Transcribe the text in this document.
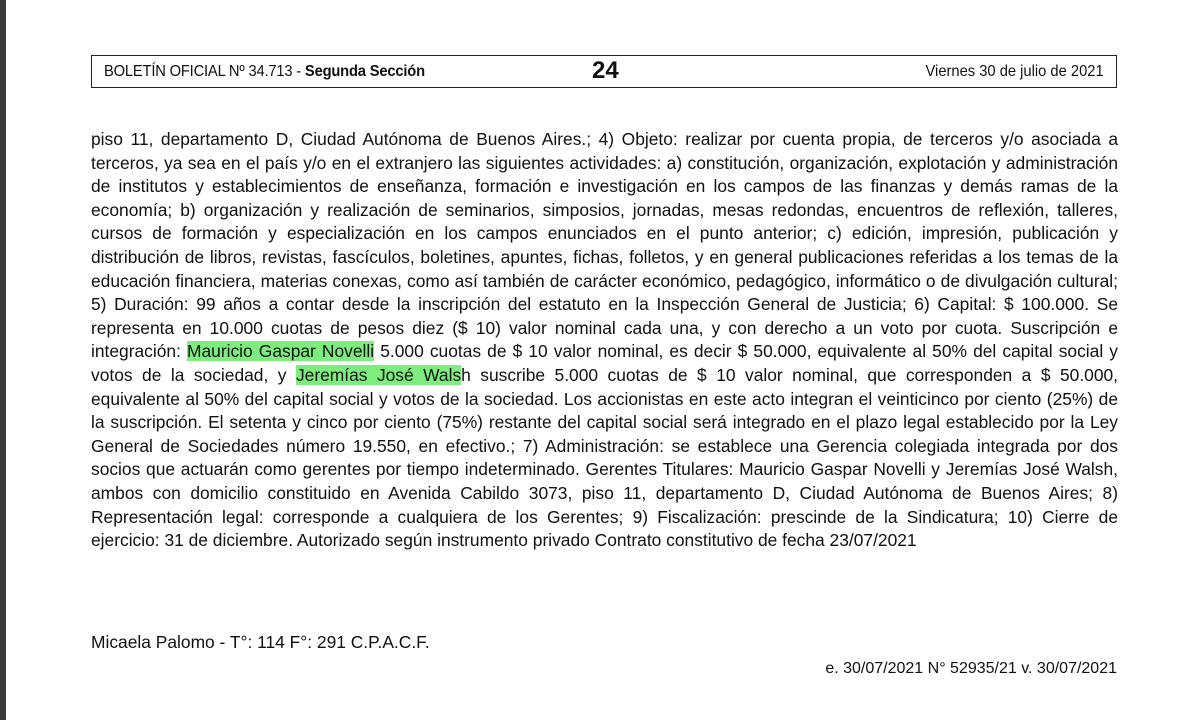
BOLETÍN OFICIAL Nº 34.713 - Segunda Sección	24	Viernes 30 de julio de 2021

piso 11, departamento D, Ciudad Autónoma de Buenos Aires.; 4) Objeto: realizar por cuenta propia, de terceros y/o asociada a terceros, ya sea en el país y/o en el extranjero las siguientes actividades: a) constitución, organización, explotación y administración de institutos y establecimientos de enseñanza, formación e investigación en los campos de las finanzas y demás ramas de la economía; b) organización y realización de seminarios, simposios, jornadas, mesas redondas, encuentros de reflexión, talleres, cursos de formación y especialización en los campos enunciados en el punto anterior; c) edición, impresión, publicación y distribución de libros, revistas, fascículos, boletines, apuntes, fichas, folletos, y en general publicaciones referidas a los temas de la educación financiera, materias conexas, como así también de carácter económico, pedagógico, informático o de divulgación cultural; 5) Duración: 99 años a contar desde la inscripción del estatuto en la Inspección General de Justicia; 6) Capital: $ 100.000. Se representa en 10.000 cuotas de pesos diez ($ 10) valor nominal cada una, y con derecho a un voto por cuota. Suscripción e integración: Mauricio Gaspar Novelli 5.000 cuotas de $ 10 valor nominal, es decir $ 50.000, equivalente al 50% del capital social y votos de la sociedad, y Jeremías José Walsh suscribe 5.000 cuotas de $ 10 valor nominal, que corresponden a $ 50.000, equivalente al 50% del capital social y votos de la sociedad. Los accionistas en este acto integran el veinticinco por ciento (25%) de la suscripción. El setenta y cinco por ciento (75%) restante del capital social será integrado en el plazo legal establecido por la Ley General de Sociedades número 19.550, en efectivo.; 7) Administración: se establece una Gerencia colegiada integrada por dos socios que actuarán como gerentes por tiempo indeterminado. Gerentes Titulares: Mauricio Gaspar Novelli y Jeremías José Walsh, ambos con domicilio constituido en Avenida Cabildo 3073, piso 11, departamento D, Ciudad Autónoma de Buenos Aires; 8) Representación legal: corresponde a cualquiera de los Gerentes; 9) Fiscalización: prescinde de la Sindicatura; 10) Cierre de ejercicio: 31 de diciembre. Autorizado según instrumento privado Contrato constitutivo de fecha 23/07/2021

Micaela Palomo - T°: 114 F°: 291 C.P.A.C.F.
e. 30/07/2021 N° 52935/21 v. 30/07/2021
